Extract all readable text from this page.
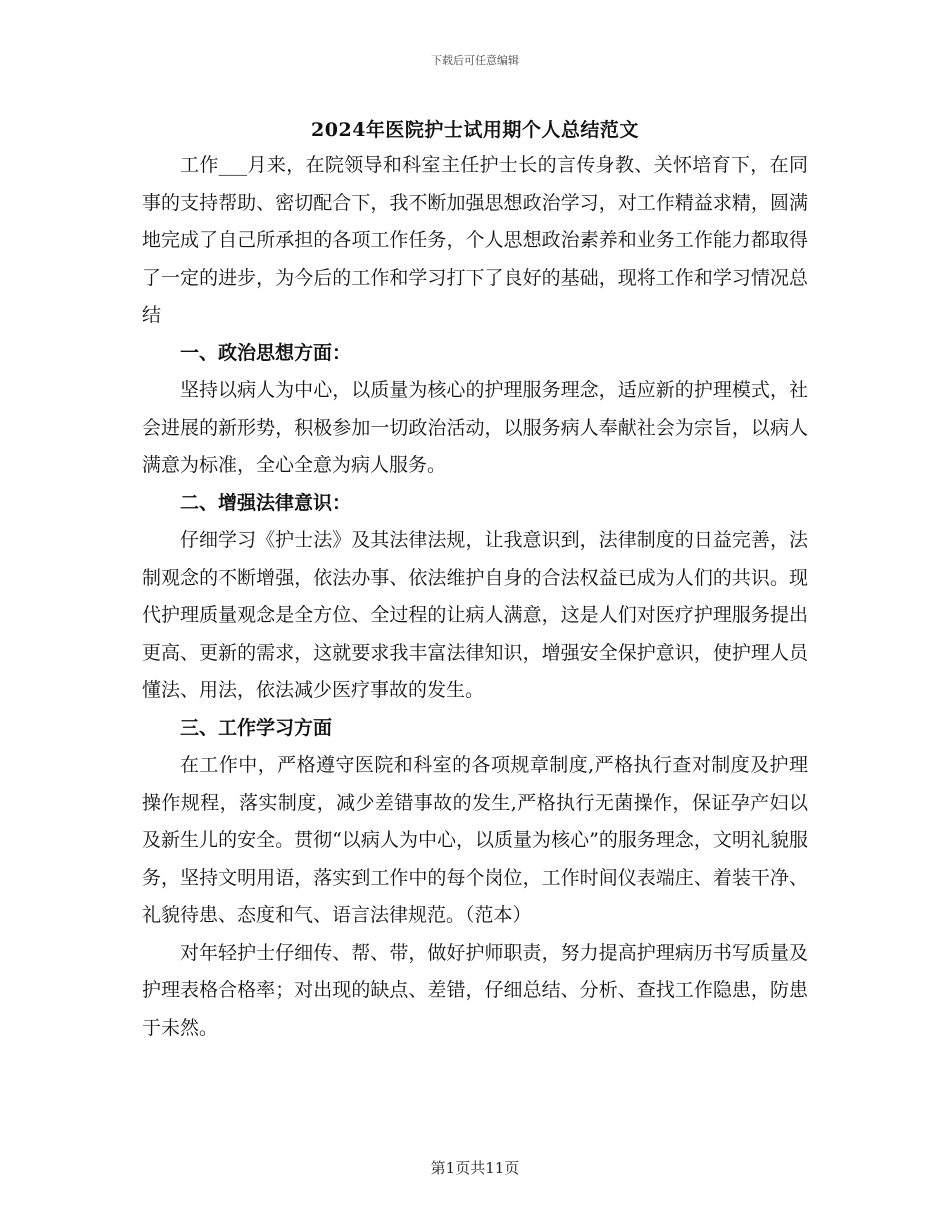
下载后可任意编辑
2024年医院护士试用期个人总结范文

工作___月来，在院领导和科室主任护士长的言传身教、关怀培育下，在同事的支持帮助、密切配合下，我不断加强思想政治学习，对工作精益求精，圆满地完成了自己所承担的各项工作任务，个人思想政治素养和业务工作能力都取得了一定的进步，为今后的工作和学习打下了良好的基础，现将工作和学习情况总结

一、政治思想方面：

坚持以病人为中心，以质量为核心的护理服务理念，适应新的护理模式，社会进展的新形势，积极参加一切政治活动，以服务病人奉献社会为宗旨，以病人满意为标准，全心全意为病人服务。

二、增强法律意识：

仔细学习《护士法》及其法律法规，让我意识到，法律制度的日益完善，法制观念的不断增强，依法办事、依法维护自身的合法权益已成为人们的共识。现代护理质量观念是全方位、全过程的让病人满意，这是人们对医疗护理服务提出更高、更新的需求，这就要求我丰富法律知识，增强安全保护意识，使护理人员懂法、用法，依法减少医疗事故的发生。

三、工作学习方面

在工作中，严格遵守医院和科室的各项规章制度,严格执行查对制度及护理操作规程，落实制度，减少差错事故的发生,严格执行无菌操作，保证孕产妇以及新生儿的安全。贯彻“以病人为中心，以质量为核心”的服务理念，文明礼貌服务，坚持文明用语，落实到工作中的每个岗位，工作时间仪表端庄、着装干净、礼貌待患、态度和气、语言法律规范。（范本）

对年轻护士仔细传、帮、带，做好护师职责，努力提高护理病历书写质量及护理表格合格率；对出现的缺点、差错，仔细总结、分析、查找工作隐患，防患于未然。

第1页共11页
